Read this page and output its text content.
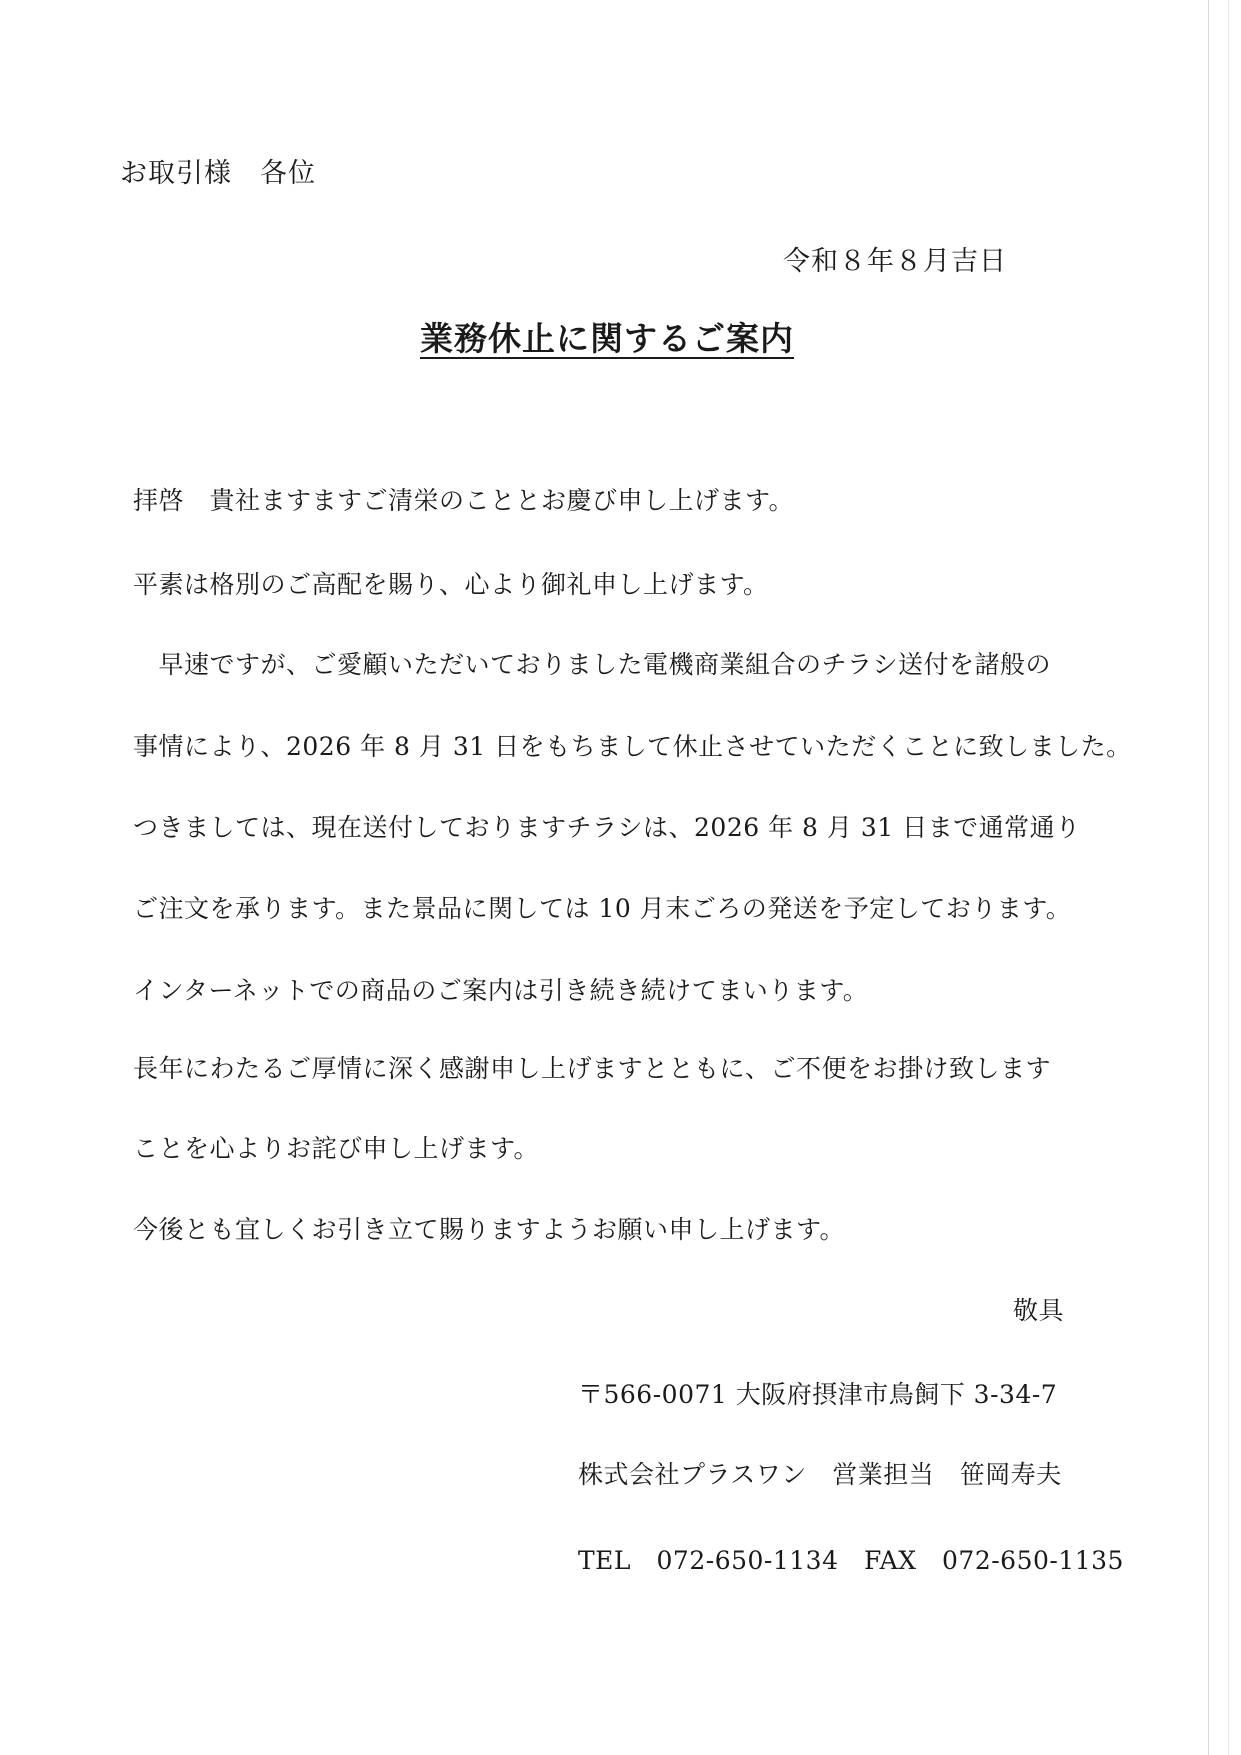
お取引様　各位
令和８年８月吉日
業務休止に関するご案内
拝啓　貴社ますますご清栄のこととお慶び申し上げます。
平素は格別のご高配を賜り、心より御礼申し上げます。
　早速ですが、ご愛顧いただいておりました電機商業組合のチラシ送付を諸般の
事情により、2026 年 8 月 31 日をもちまして休止させていただくことに致しました。
つきましては、現在送付しておりますチラシは、2026 年 8 月 31 日まで通常通り
ご注文を承ります。また景品に関しては 10 月末ごろの発送を予定しております。
インターネットでの商品のご案内は引き続き続けてまいります。
長年にわたるご厚情に深く感謝申し上げますとともに、ご不便をお掛け致します
ことを心よりお詫び申し上げます。
今後とも宜しくお引き立て賜りますようお願い申し上げます。
敬具
〒566-0071 大阪府摂津市鳥飼下 3-34-7
株式会社プラスワン　営業担当　笹岡寿夫
TEL　072-650-1134　FAX　072-650-1135
